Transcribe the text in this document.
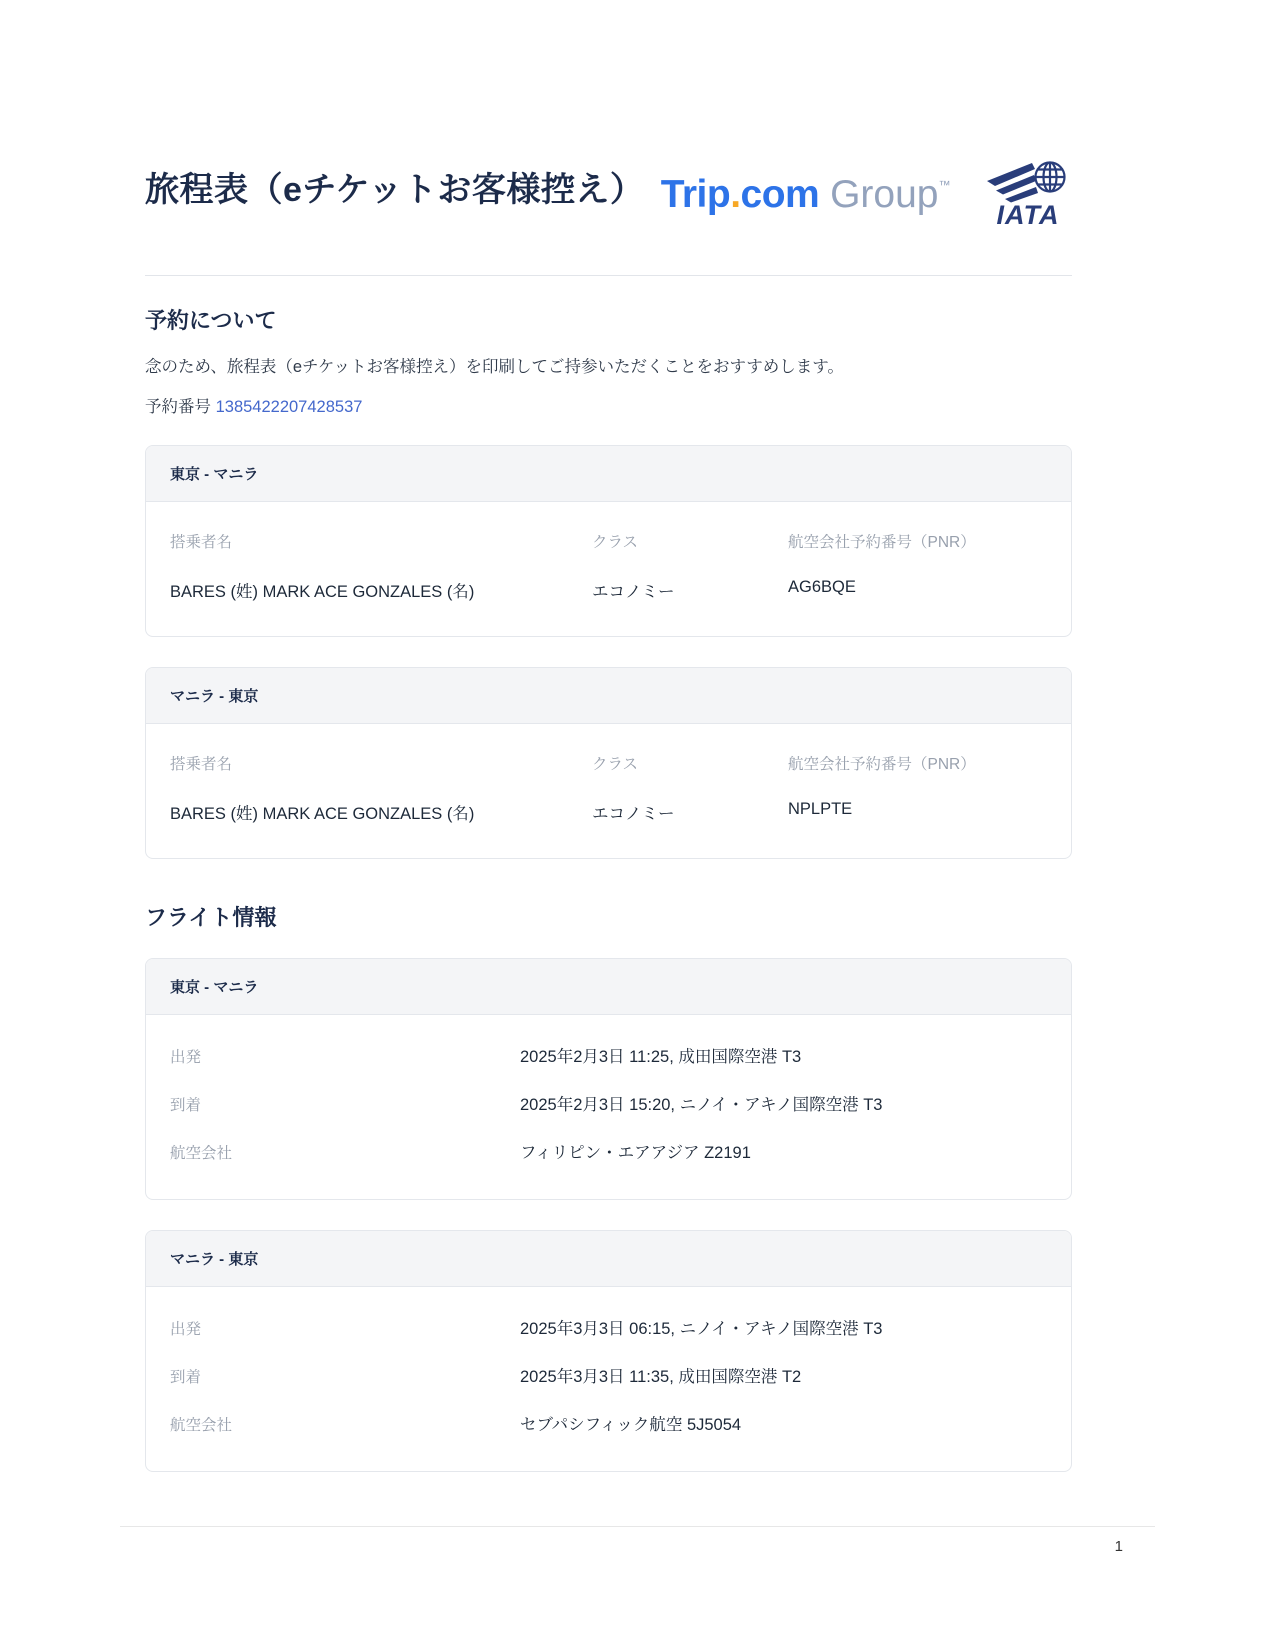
旅程表（eチケットお客様控え） Trip.com Group™
IATA
予約について

念のため、旅程表（eチケットお客様控え）を印刷してご持参いただくことをおすすめします。

予約番号 1385422207428537

東京 - マニラ
搭乗者名	クラス	航空会社予約番号（PNR）
BARES (姓) MARK ACE GONZALES (名)	エコノミー	AG6BQE
マニラ - 東京
搭乗者名	クラス	航空会社予約番号（PNR）
BARES (姓) MARK ACE GONZALES (名)	エコノミー	NPLPTE
フライト情報
東京 - マニラ
出発	2025年2月3日 11:25, 成田国際空港 T3
到着	2025年2月3日 15:20, ニノイ・アキノ国際空港 T3
航空会社	フィリピン・エアアジア Z2191
マニラ - 東京
出発	2025年3月3日 06:15, ニノイ・アキノ国際空港 T3
到着	2025年3月3日 11:35, 成田国際空港 T2
航空会社	セブパシフィック航空 5J5054
1
